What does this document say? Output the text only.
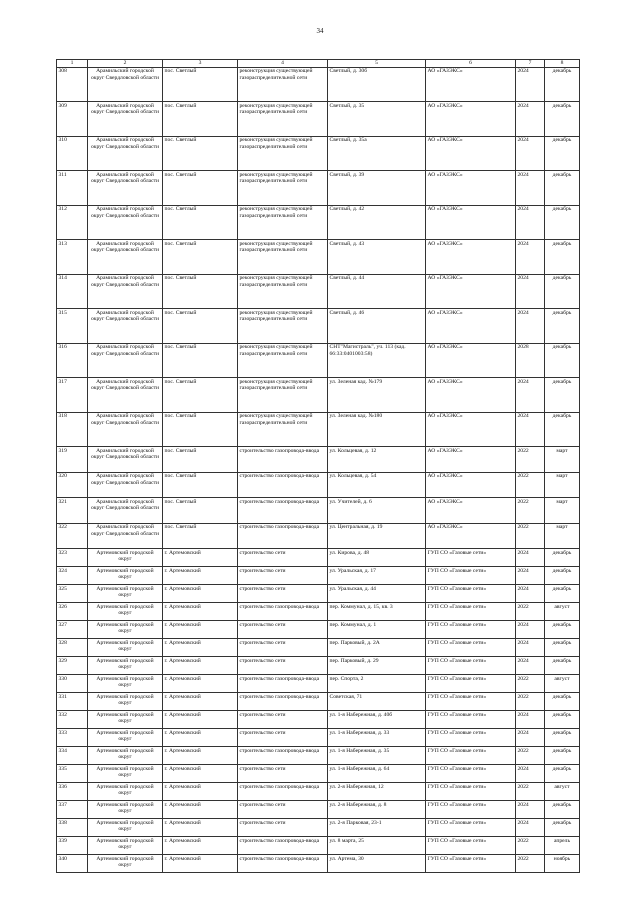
34
1	2	3	4	5	6	7	8
308	Арамильский городской округ Свердловской области	пос. Светлый	реконструкция существующей газораспределительной сети	Светлый, д. 30б	АО «ГАЗЭКС»	2024	декабрь
309	Арамильский городской округ Свердловской области	пос. Светлый	реконструкция существующей газораспределительной сети	Светлый, д. 35	АО «ГАЗЭКС»	2024	декабрь
310	Арамильский городской округ Свердловской области	пос. Светлый	реконструкция существующей газораспределительной сети	Светлый, д. 35а	АО «ГАЗЭКС»	2024	декабрь
311	Арамильский городской округ Свердловской области	пос. Светлый	реконструкция существующей газораспределительной сети	Светлый, д. 39	АО «ГАЗЭКС»	2024	декабрь
312	Арамильский городской округ Свердловской области	пос. Светлый	реконструкция существующей газораспределительной сети	Светлый, д. 42	АО «ГАЗЭКС»	2024	декабрь
313	Арамильский городской округ Свердловской области	пос. Светлый	реконструкция существующей газораспределительной сети	Светлый, д. 43	АО «ГАЗЭКС»	2024	декабрь
314	Арамильский городской округ Свердловской области	пос. Светлый	реконструкция существующей газораспределительной сети	Светлый, д. 44	АО «ГАЗЭКС»	2024	декабрь
315	Арамильский городской округ Свердловской области	пос. Светлый	реконструкция существующей газораспределительной сети	Светлый, д. 46	АО «ГАЗЭКС»	2024	декабрь
316	Арамильский городской округ Свердловской области	пос. Светлый	реконструкция существующей газораспределительной сети	СНТ"Магистраль", уч. 113 (кад. 66:33:0401003:58)	АО «ГАЗЭКС»	2028	декабрь
317	Арамильский городской округ Свердловской области	пос. Светлый	реконструкция существующей газораспределительной сети	ул. Зеленая кад. №179	АО «ГАЗЭКС»	2024	декабрь
318	Арамильский городской округ Свердловской области	пос. Светлый	реконструкция существующей газораспределительной сети	ул. Зеленая кад. №180	АО «ГАЗЭКС»	2024	декабрь
319	Арамильский городской округ Свердловской области	пос. Светлый	строительство газопровода-ввода	ул. Кольцевая, д. 12	АО «ГАЗЭКС»	2022	март
320	Арамильский городской округ Свердловской области	пос. Светлый	строительство газопровода-ввода	ул. Кольцевая, д. 54	АО «ГАЗЭКС»	2022	март
321	Арамильский городской округ Свердловской области	пос. Светлый	строительство газопровода-ввода	ул. Учителей, д. 6	АО «ГАЗЭКС»	2022	март
322	Арамильский городской округ Свердловской области	пос. Светлый	строительство газопровода-ввода	ул. Центральная, д. 19	АО «ГАЗЭКС»	2022	март
323	Артемовский городской округ	г. Артемовский	строительство сети	ул. Кирова, д. 48	ГУП СО «Газовые сети»	2024	декабрь
324	Артемовский городской округ	г. Артемовский	строительство сети	ул. Уральская, д. 17	ГУП СО «Газовые сети»	2024	декабрь
325	Артемовский городской округ	г. Артемовский	строительство сети	ул. Уральская, д. 44	ГУП СО «Газовые сети»	2024	декабрь
326	Артемовский городской округ	г. Артемовский	строительство газопровода-ввода	пер. Коммунал, д. 15, кв. 3	ГУП СО «Газовые сети»	2022	август
327	Артемовский городской округ	г. Артемовский	строительство сети	пер. Коммунал, д. 1	ГУП СО «Газовые сети»	2024	декабрь
328	Артемовский городской округ	г. Артемовский	строительство сети	пер. Парковый, д. 2А	ГУП СО «Газовые сети»	2024	декабрь
329	Артемовский городской округ	г. Артемовский	строительство сети	пер. Парковый, д. 29	ГУП СО «Газовые сети»	2024	декабрь
330	Артемовский городской округ	г. Артемовский	строительство газопровода-ввода	пер. Спорта, 2	ГУП СО «Газовые сети»	2022	август
331	Артемовский городской округ	г. Артемовский	строительство газопровода-ввода	Советская, 71	ГУП СО «Газовые сети»	2022	декабрь
332	Артемовский городской округ	г. Артемовский	строительство сети	ул. 1-я Набережная, д. 40б	ГУП СО «Газовые сети»	2024	декабрь
333	Артемовский городской округ	г. Артемовский	строительство сети	ул. 1-я Набережная, д. 33	ГУП СО «Газовые сети»	2024	декабрь
334	Артемовский городской округ	г. Артемовский	строительство газопровода-ввода	ул. 1-я Набережная, д. 35	ГУП СО «Газовые сети»	2022	декабрь
335	Артемовский городской округ	г. Артемовский	строительство сети	ул. 1-я Набережная, д. 64	ГУП СО «Газовые сети»	2024	декабрь
336	Артемовский городской округ	г. Артемовский	строительство газопровода-ввода	ул. 2-я Набережная, 12	ГУП СО «Газовые сети»	2022	август
337	Артемовский городской округ	г. Артемовский	строительство сети	ул. 2-я Набережная, д. 8	ГУП СО «Газовые сети»	2024	декабрь
338	Артемовский городской округ	г. Артемовский	строительство сети	ул. 2-я Парковая, 23-1	ГУП СО «Газовые сети»	2024	декабрь
339	Артемовский городской округ	г. Артемовский	строительство газопровода-ввода	ул. 8 марта, 25	ГУП СО «Газовые сети»	2022	апрель
340	Артемовский городской округ	г. Артемовский	строительство газопровода-ввода	ул. Артема, 30	ГУП СО «Газовые сети»	2022	ноябрь
